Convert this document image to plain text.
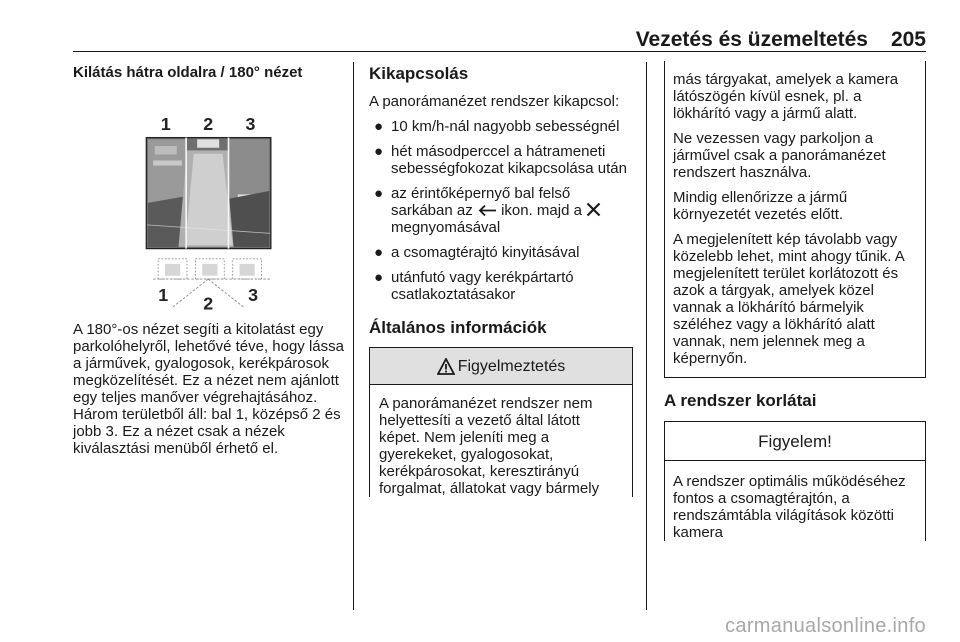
Vezetés és üzemeltetés 205
Kilátás hátra oldalra / 180° nézet
1 2 3
1 2 3

A 180°-os nézet segíti a kitolatást egy parkolóhelyről, lehetővé téve, hogy lássa a járművek, gyalogosok, kerékpárosok megközelítését. Ez a nézet nem ajánlott egy teljes manőver végrehajtásához. Három területből áll: bal 1, középső 2 és jobb 3. Ez a nézet csak a nézek kiválasztási menüből érhető el.

Kikapcsolás

A panorámanézet rendszer kikapcsol:

● 10 km/h-nál nagyobb sebességnél
● hét másodperccel a hátrameneti sebességfokozat kikapcsolása után
● az érintőképernyő bal felső sarkában az ikon. majd a  megnyomásával
● a csomagtérajtó kinyitásával
● utánfutó vagy kerékpártartó csatlakoztatásakor
Általános információk
Figyelmeztetés
A panorámanézet rendszer nem helyettesíti a vezető által látott képet. Nem jeleníti meg a gyerekeket, gyalogosokat, kerékpárosokat, keresztirányú forgalmat, állatokat vagy bármely

más tárgyakat, amelyek a kamera látószögén kívül esnek, pl. a lökhárító vagy a jármű alatt.

Ne vezessen vagy parkoljon a járművel csak a panorámanézet rendszert használva.

Mindig ellenőrizze a jármű környezetét vezetés előtt.

A megjelenített kép távolabb vagy közelebb lehet, mint ahogy tűnik. A megjelenített terület korlátozott és azok a tárgyak, amelyek közel vannak a lökhárító bármelyik széléhez vagy a lökhárító alatt vannak, nem jelennek meg a képernyőn.

A rendszer korlátai
Figyelem!
A rendszer optimális működéséhez fontos a csomagtérajtón, a rendszámtábla világítások közötti kamera
carmanualsonline.info
